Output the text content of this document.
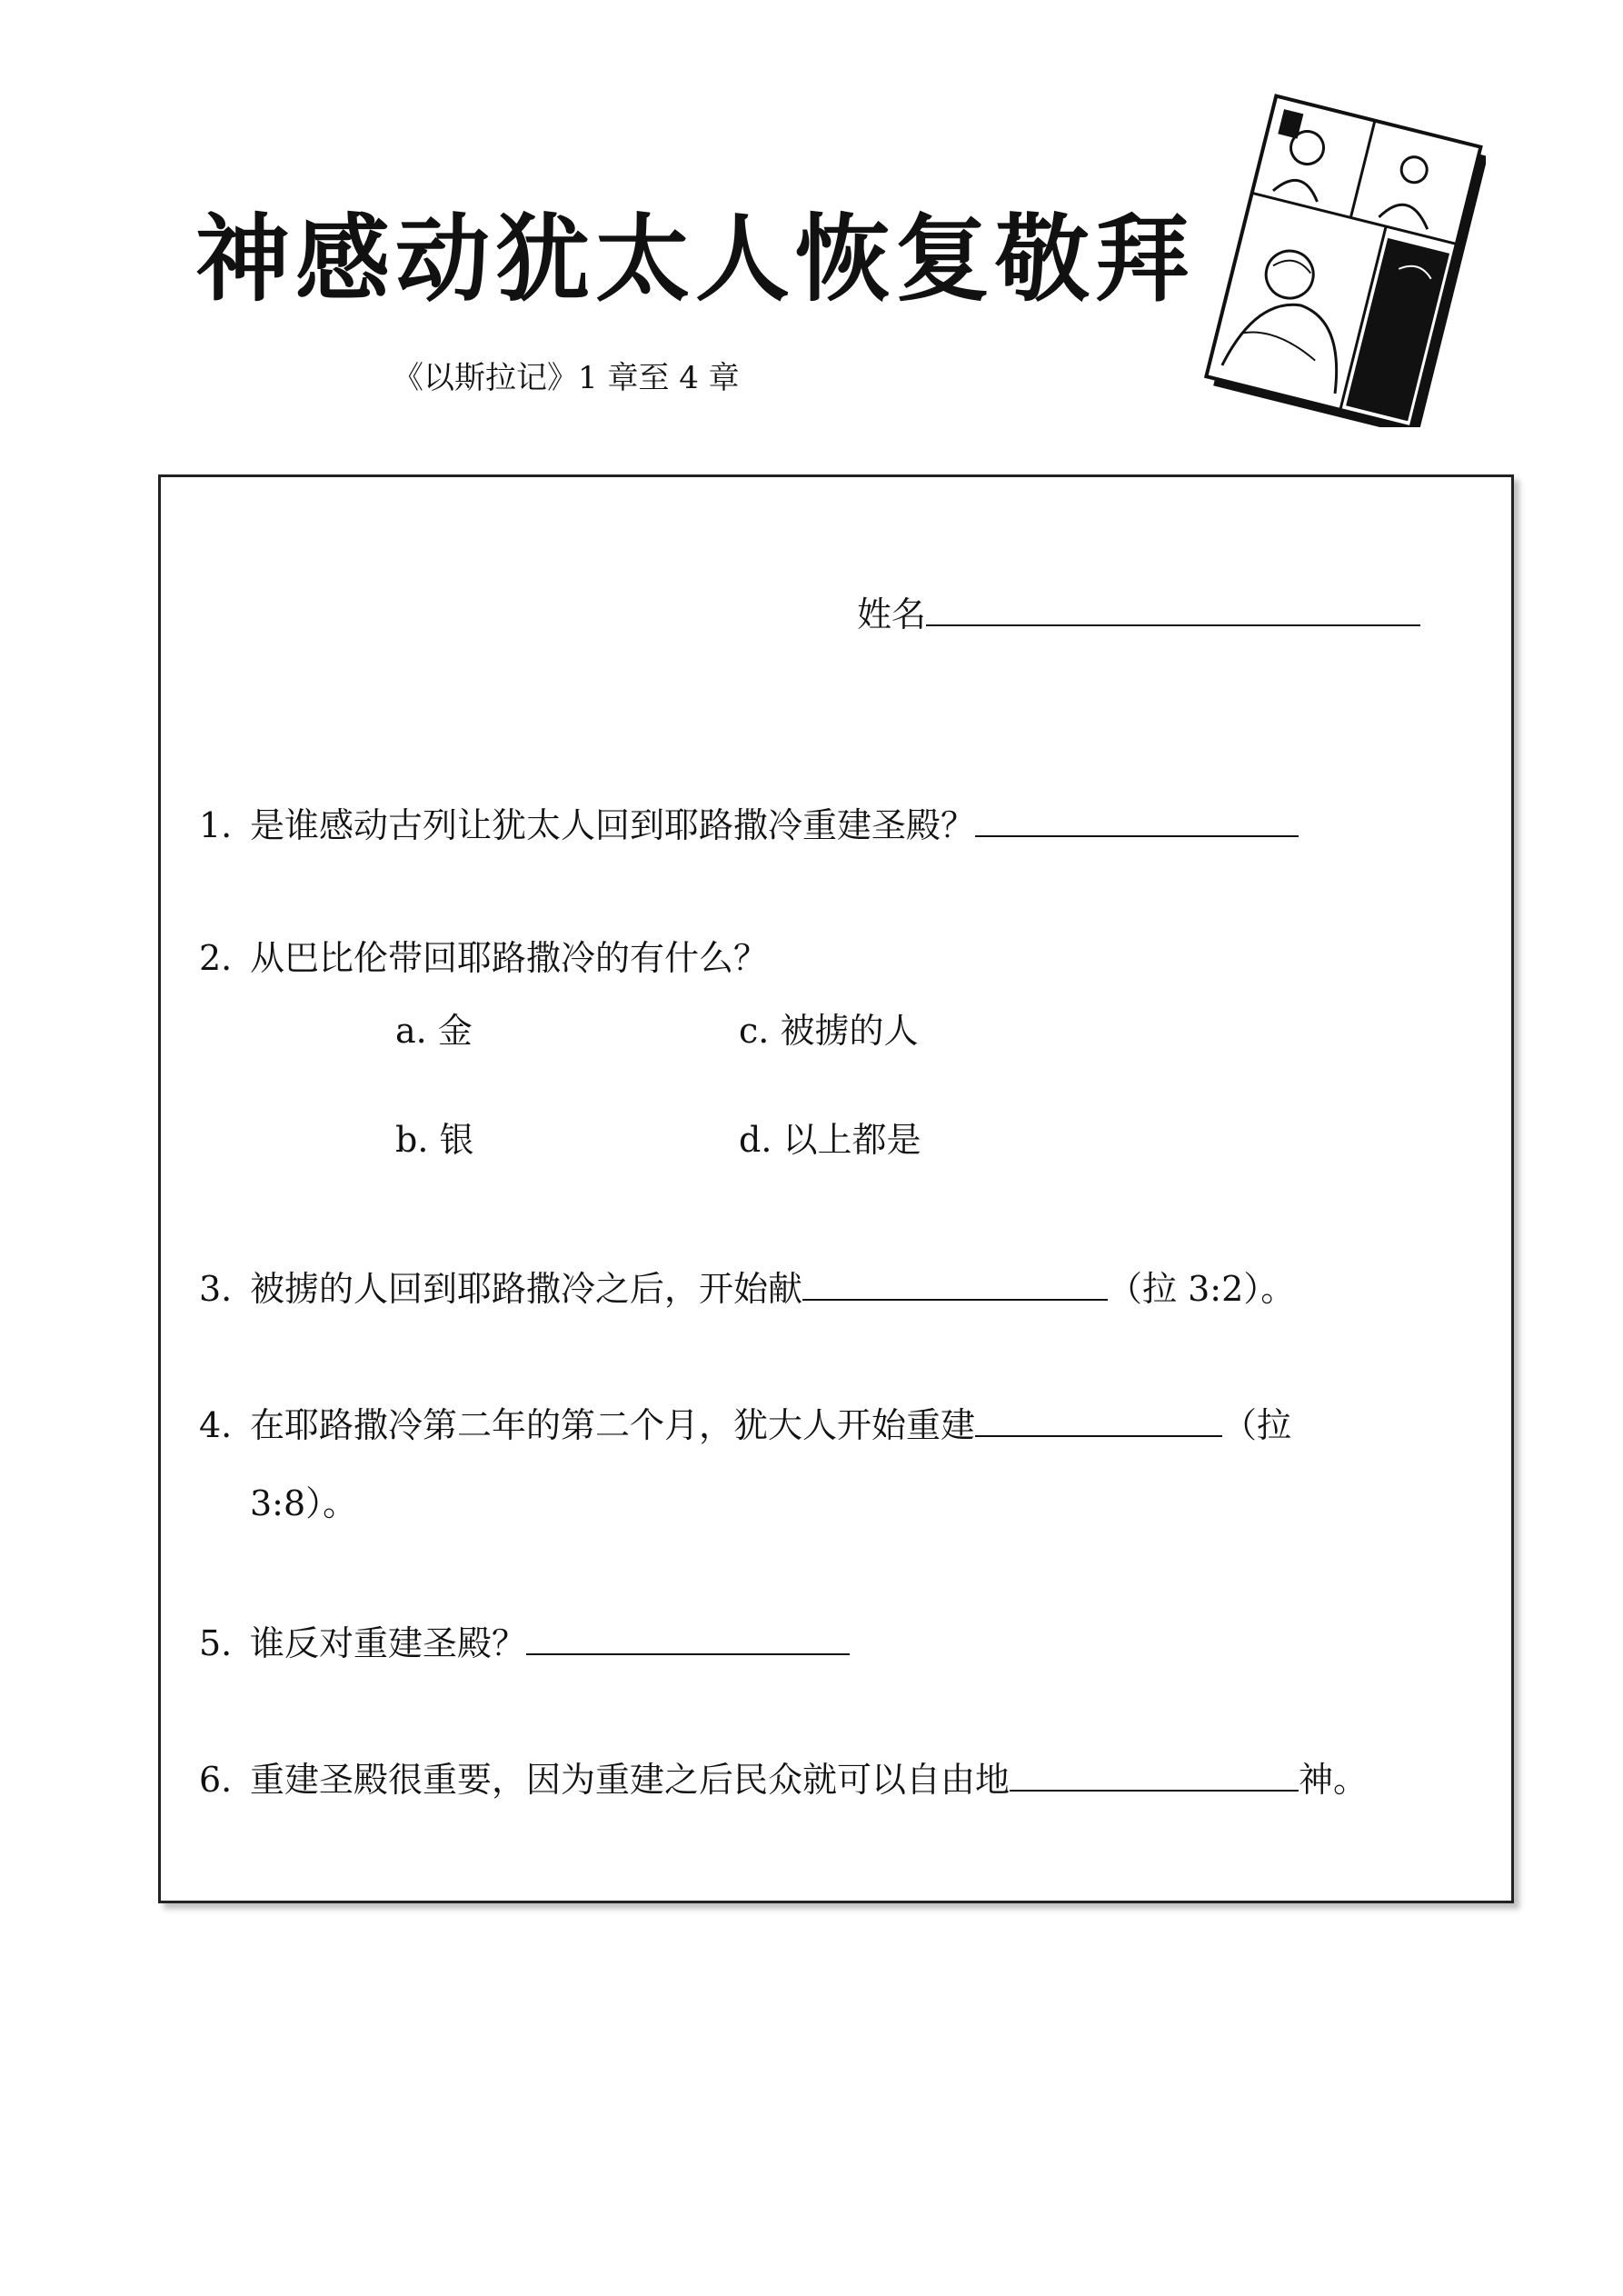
神感动犹太人恢复敬拜
《以斯拉记》1 章至 4 章
姓名
1. 是谁感动古列让犹太人回到耶路撒冷重建圣殿？
2. 从巴比伦带回耶路撒冷的有什么？
a. 金	c. 被掳的人
b. 银	d. 以上都是
3. 被掳的人回到耶路撒冷之后，开始献	（拉 3:2）。
4. 在耶路撒冷第二年的第二个月，犹大人开始重建	（拉
3:8）。
5. 谁反对重建圣殿？
6. 重建圣殿很重要，因为重建之后民众就可以自由地	神。
